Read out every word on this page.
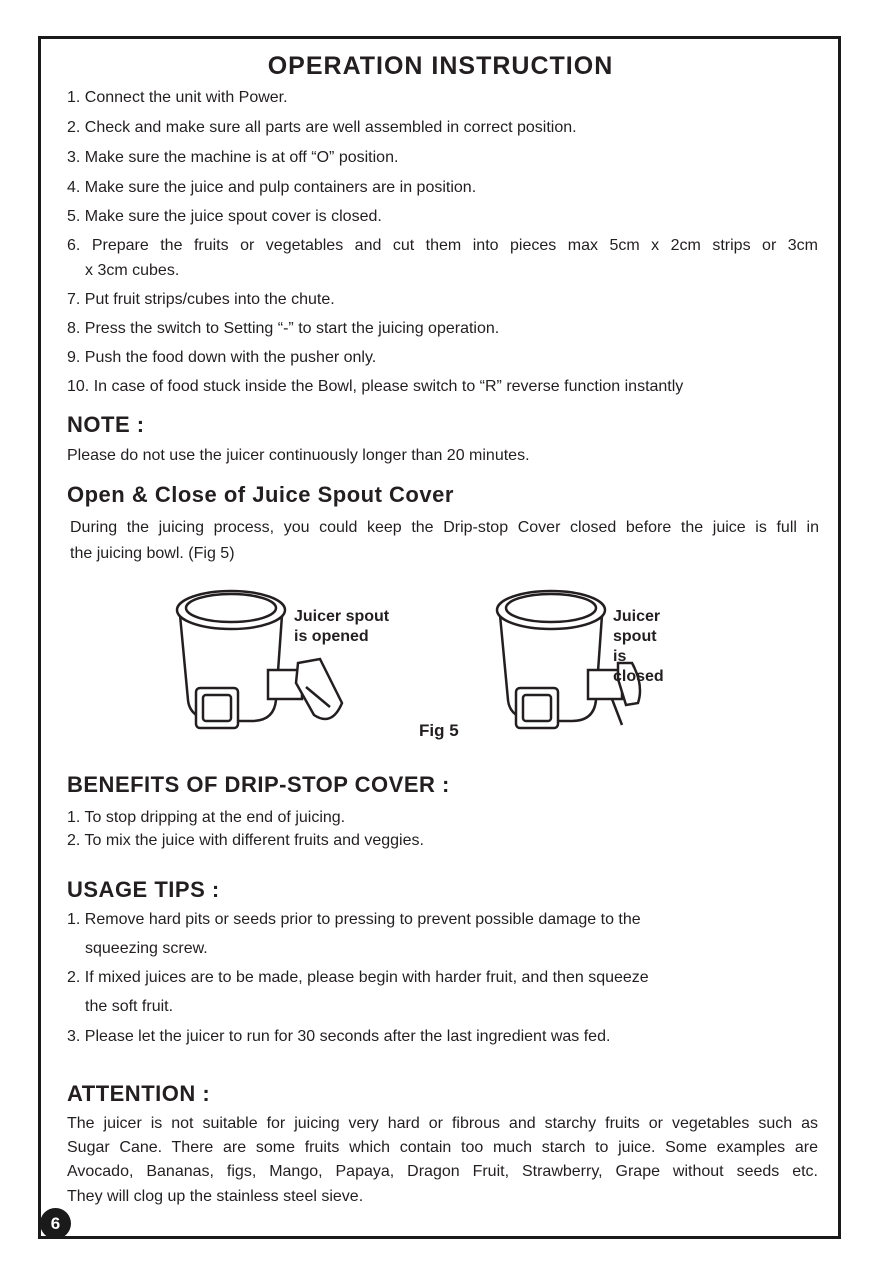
OPERATION INSTRUCTION

1. Connect the unit with Power.

2. Check and make sure all parts are well assembled in correct position.

3. Make sure the machine is at off “O” position.

4. Make sure the juice and pulp containers are in position.

5. Make sure the juice spout cover is closed.

6. Prepare the fruits or vegetables and cut them into pieces max 5cm x 2cm strips or 3cm

x 3cm cubes.

7. Put fruit strips/cubes into the chute.

8. Press the switch to Setting “-” to start the juicing operation.

9. Push the food down with the pusher only.

10. In case of food stuck inside the Bowl, please switch to “R” reverse function instantly

NOTE :

Please do not use the juicer continuously longer than 20 minutes.

Open & Close of Juice Spout Cover

During the juicing process, you could keep the Drip-stop Cover closed before the juice is full in

the juicing bowl. (Fig 5)

Juicer spout
is opened
Juicer spout
is closed
Fig 5
BENEFITS OF DRIP-STOP COVER :

1. To stop dripping at the end of juicing.

2. To mix the juice with different fruits and veggies.

USAGE TIPS :

1. Remove hard pits or seeds prior to pressing to prevent possible damage to the

squeezing screw.

2. If mixed juices are to be made, please begin with harder fruit, and then squeeze

the soft fruit.

3. Please let the juicer to run for 30 seconds after the last ingredient was fed.

ATTENTION :

The juicer is not suitable for juicing very hard or fibrous and starchy fruits or vegetables such as

Sugar Cane. There are some fruits which contain too much starch to juice. Some examples are

Avocado, Bananas, figs, Mango, Papaya, Dragon Fruit, Strawberry, Grape without seeds etc.

They will clog up the stainless steel sieve.

6
